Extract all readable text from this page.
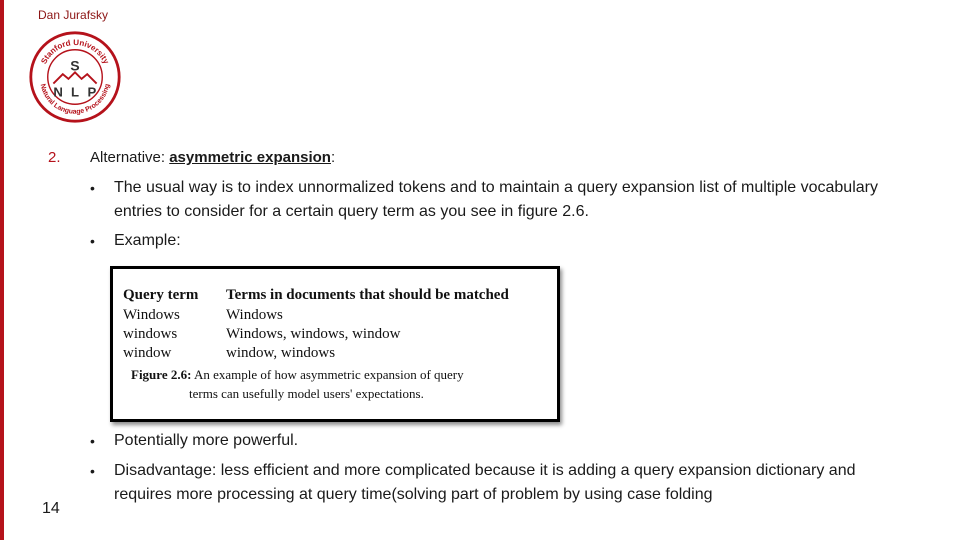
Dan Jurafsky
Stanford University
Natural Language Processing
S
N L P
2. Alternative: asymmetric expansion:
• The usual way is to index unnormalized tokens and to maintain a query expansion list of multiple vocabulary   entries to consider for a certain query term as you see in figure 2.6.
• Example:
Query term	Terms in documents that should be matched
Windows	Windows
windows	Windows, windows, window
window	window, windows
Figure 2.6: An example of how asymmetric expansion of query
terms can usefully model users' expectations.
• Potentially more powerful.
• Disadvantage: less efficient and more complicated because it is adding a query expansion dictionary and requires more processing at query time(solving part of problem by using case folding
14
